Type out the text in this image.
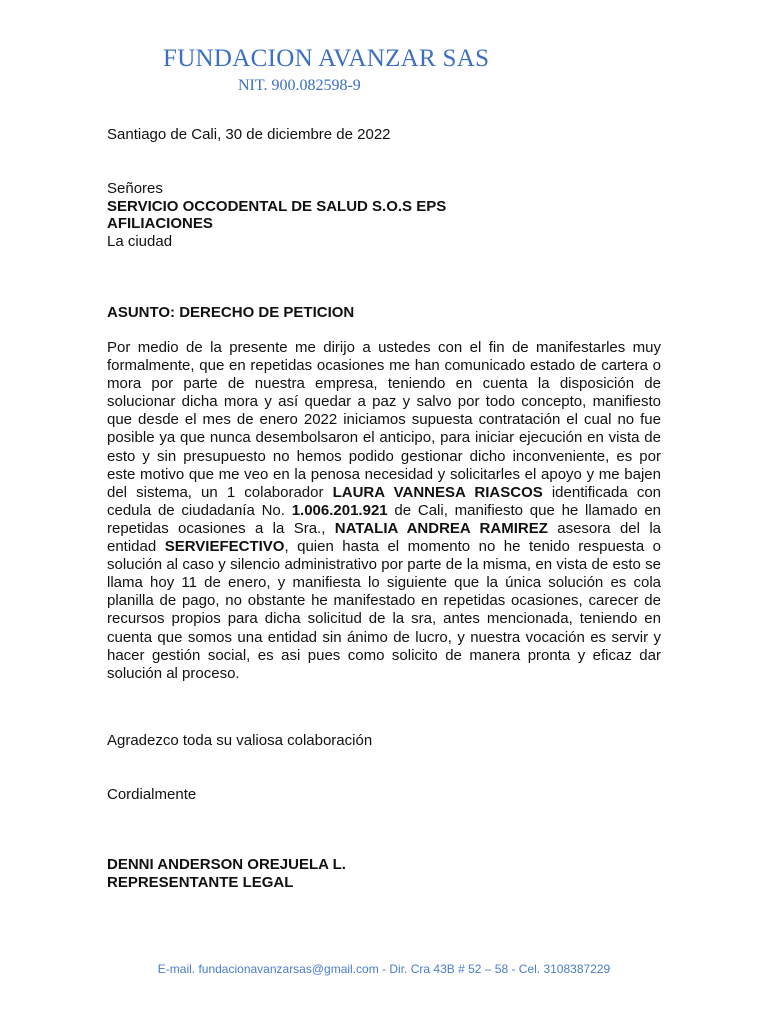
FUNDACION AVANZAR SAS
NIT. 900.082598-9
Santiago de Cali, 30 de diciembre de 2022
Señores
SERVICIO OCCODENTAL DE SALUD S.O.S EPS
AFILIACIONES
La ciudad
ASUNTO: DERECHO DE PETICION
Por medio de la presente me dirijo a ustedes con el fin de manifestarles muy formalmente, que en repetidas ocasiones me han comunicado estado de cartera o mora por parte de nuestra empresa, teniendo en cuenta la disposición de solucionar dicha mora y así quedar a paz y salvo por todo concepto, manifiesto que desde el mes de enero 2022 iniciamos supuesta contratación el cual no fue posible ya que nunca desembolsaron el anticipo, para iniciar ejecución en vista de esto y sin presupuesto no hemos podido gestionar dicho inconveniente, es por este motivo que me veo en la penosa necesidad y solicitarles el apoyo y me bajen del sistema, un 1 colaborador LAURA VANNESA RIASCOS identificada con cedula de ciudadanía No. 1.006.201.921 de Cali, manifiesto que he llamado en repetidas ocasiones a la Sra., NATALIA ANDREA RAMIREZ asesora del la entidad SERVIEFECTIVO, quien hasta el momento no he tenido respuesta o solución al caso y silencio administrativo por parte de la misma, en vista de esto se llama hoy 11 de enero, y manifiesta lo siguiente que la única solución es cola planilla de pago, no obstante he manifestado en repetidas ocasiones, carecer de recursos propios para dicha solicitud de la sra, antes mencionada, teniendo en cuenta que somos una entidad sin ánimo de lucro, y nuestra vocación es servir y hacer gestión social, es asi pues como solicito de manera pronta y eficaz dar solución al proceso.
Agradezco toda su valiosa colaboración
Cordialmente
DENNI ANDERSON OREJUELA L.
REPRESENTANTE LEGAL
E-mail. fundacionavanzarsas@gmail.com - Dir. Cra 43B # 52 – 58 - Cel. 3108387229
